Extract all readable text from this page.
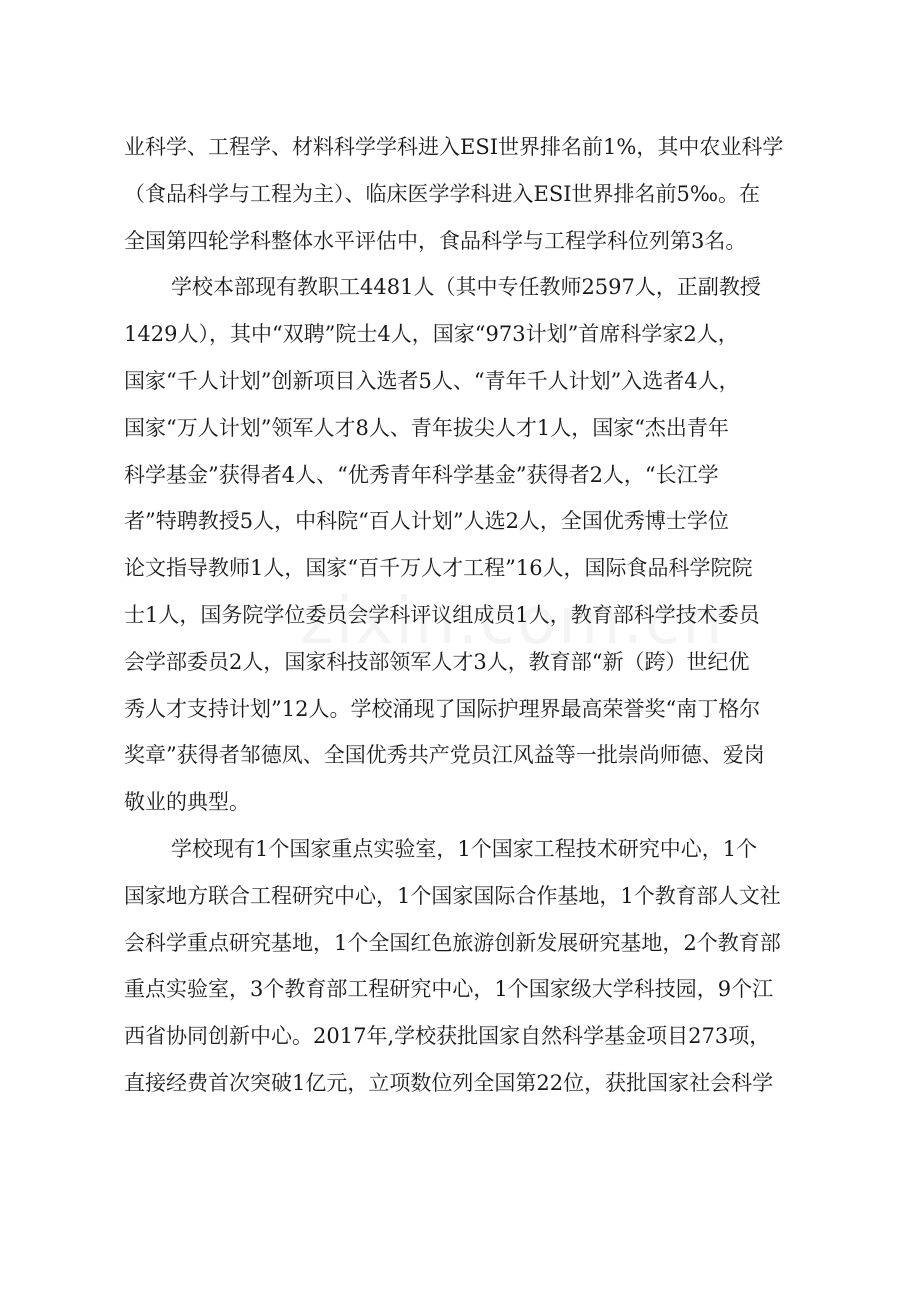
业科学、工程学、材料科学学科进入ESI世界排名前1%，其中农业科学
（食品科学与工程为主）、临床医学学科进入ESI世界排名前5‰。在
全国第四轮学科整体水平评估中，食品科学与工程学科位列第3名。

学校本部现有教职工4481人（其中专任教师2597人，正副教授
1429人），其中“双聘”院士4人，国家“973计划”首席科学家2人，
国家“千人计划”创新项目入选者5人、“青年千人计划”入选者4人，
国家“万人计划”领军人才8人、青年拔尖人才1人，国家“杰出青年
科学基金”获得者4人、“优秀青年科学基金”获得者2人，“长江学
者”特聘教授5人，中科院“百人计划”人选2人，全国优秀博士学位
论文指导教师1人，国家“百千万人才工程”16人，国际食品科学院院
士1人，国务院学位委员会学科评议组成员1人，教育部科学技术委员
会学部委员2人，国家科技部领军人才3人，教育部“新（跨）世纪优
秀人才支持计划”12人。学校涌现了国际护理界最高荣誉奖“南丁格尔
奖章”获得者邹德凤、全国优秀共产党员江风益等一批崇尚师德、爱岗
敬业的典型。

学校现有1个国家重点实验室，1个国家工程技术研究中心，1个
国家地方联合工程研究中心，1个国家国际合作基地，1个教育部人文社
会科学重点研究基地，1个全国红色旅游创新发展研究基地，2个教育部
重点实验室，3个教育部工程研究中心，1个国家级大学科技园，9个江
西省协同创新中心。2017年,学校获批国家自然科学基金项目273项，
直接经费首次突破1亿元，立项数位列全国第22位，获批国家社会科学
